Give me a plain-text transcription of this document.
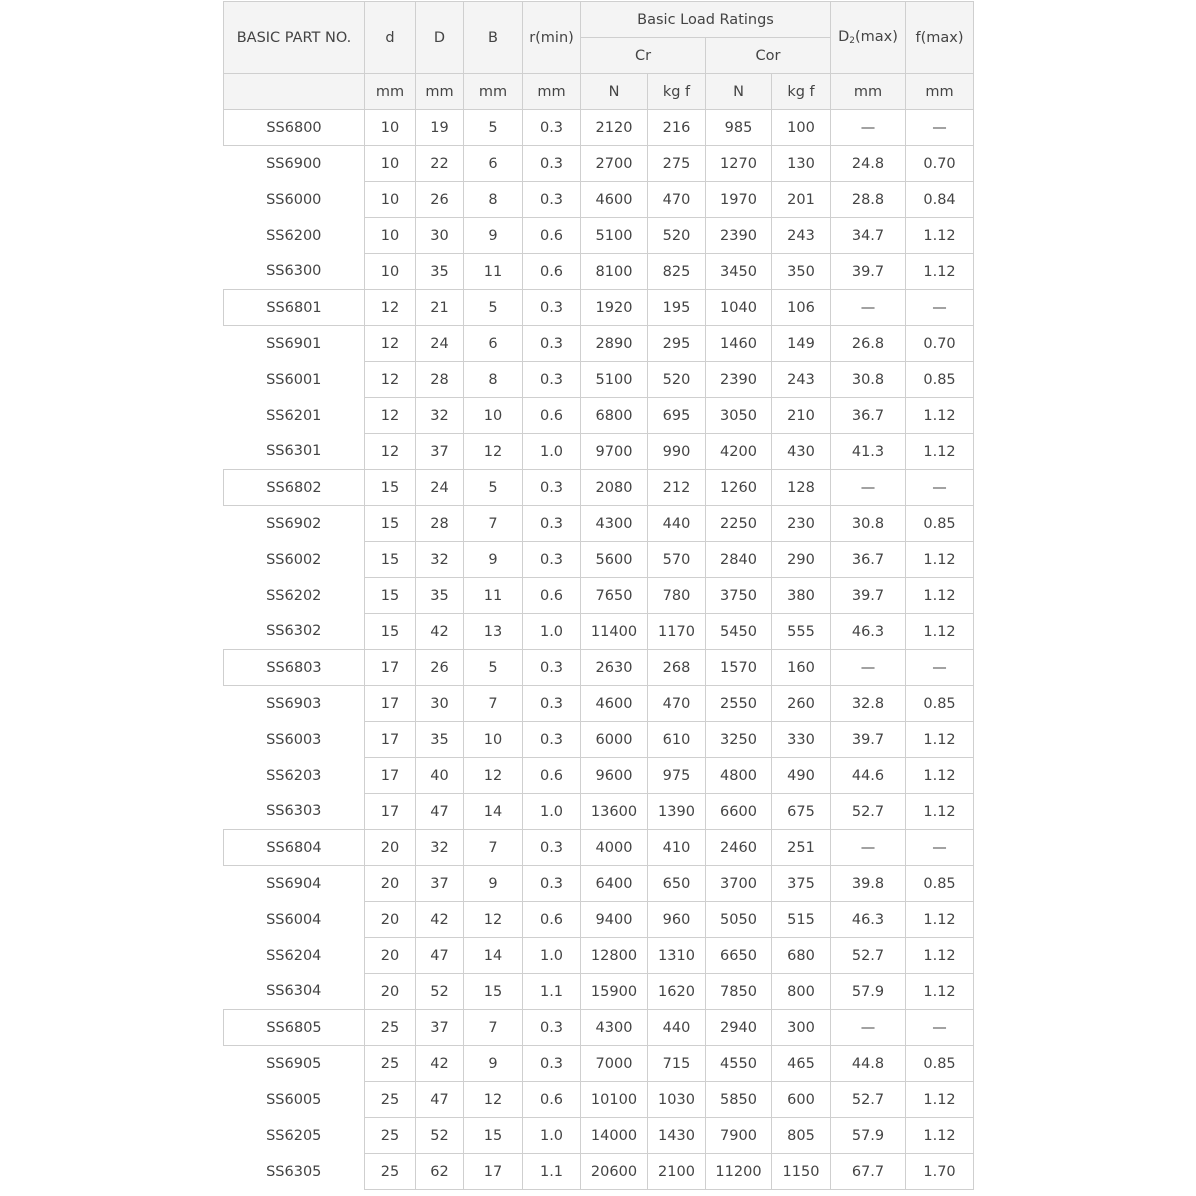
BASIC PART NO.	d	D	B	r(min)	Basic Load Ratings				$D_2(\max)$	f(max)
					Cr		Cor			
	mm	mm	mm	mm	N	kg f	N	kg f	mm	mm
SS6800	10	19	5	0.3	2120	216	985	100	—	—
SS6900	10	22	6	0.3	2700	275	1270	130	24.8	0.70
SS6000	10	26	8	0.3	4600	470	1970	201	28.8	0.84
SS6200	10	30	9	0.6	5100	520	2390	243	34.7	1.12
SS6300	10	35	11	0.6	8100	825	3450	350	39.7	1.12
SS6801	12	21	5	0.3	1920	195	1040	106	—	—
SS6901	12	24	6	0.3	2890	295	1460	149	26.8	0.70
SS6001	12	28	8	0.3	5100	520	2390	243	30.8	0.85
SS6201	12	32	10	0.6	6800	695	3050	210	36.7	1.12
SS6301	12	37	12	1.0	9700	990	4200	430	41.3	1.12
SS6802	15	24	5	0.3	2080	212	1260	128	—	—
SS6902	15	28	7	0.3	4300	440	2250	230	30.8	0.85
SS6002	15	32	9	0.3	5600	570	2840	290	36.7	1.12
SS6202	15	35	11	0.6	7650	780	3750	380	39.7	1.12
SS6302	15	42	13	1.0	11400	1170	5450	555	46.3	1.12
SS6803	17	26	5	0.3	2630	268	1570	160	—	—
SS6903	17	30	7	0.3	4600	470	2550	260	32.8	0.85
SS6003	17	35	10	0.3	6000	610	3250	330	39.7	1.12
SS6203	17	40	12	0.6	9600	975	4800	490	44.6	1.12
SS6303	17	47	14	1.0	13600	1390	6600	675	52.7	1.12
SS6804	20	32	7	0.3	4000	410	2460	251	—	—
SS6904	20	37	9	0.3	6400	650	3700	375	39.8	0.85
SS6004	20	42	12	0.6	9400	960	5050	515	46.3	1.12
SS6204	20	47	14	1.0	12800	1310	6650	680	52.7	1.12
SS6304	20	52	15	1.1	15900	1620	7850	800	57.9	1.12
SS6805	25	37	7	0.3	4300	440	2940	300	—	—
SS6905	25	42	9	0.3	7000	715	4550	465	44.8	0.85
SS6005	25	47	12	0.6	10100	1030	5850	600	52.7	1.12
SS6205	25	52	15	1.0	14000	1430	7900	805	57.9	1.12
SS6305	25	62	17	1.1	20600	2100	11200	1150	67.7	1.70
